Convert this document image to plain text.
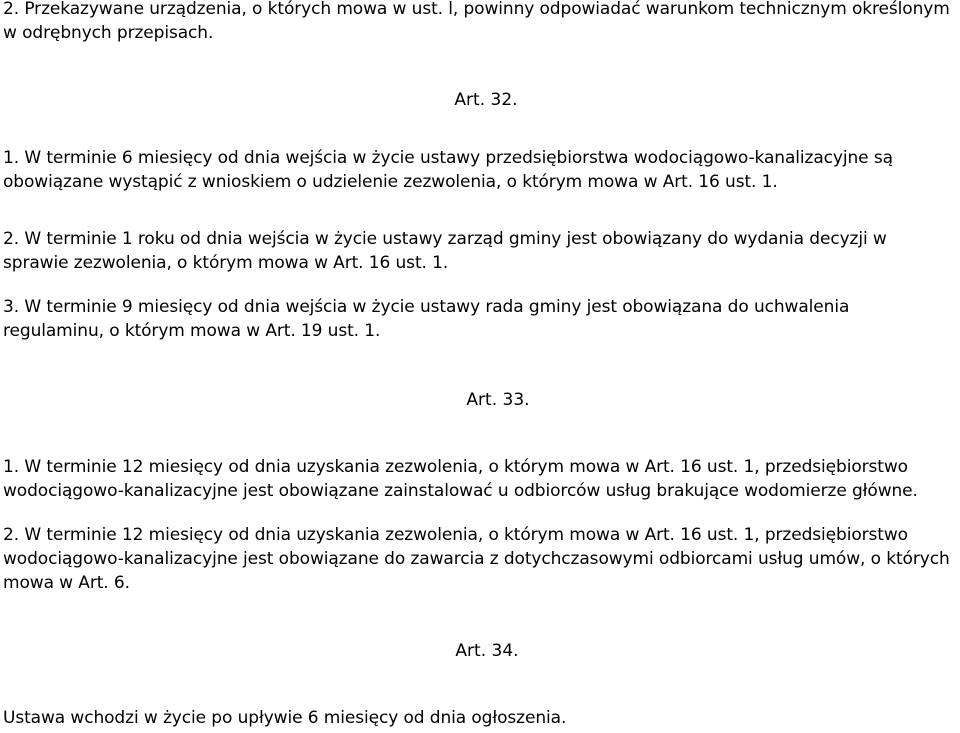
2. Przekazywane urządzenia, o których mowa w ust. l, powinny odpowiadać warunkom technicznym określonym w odrębnych przepisach.

Art. 32.

1. W terminie 6 miesięcy od dnia wejścia w życie ustawy przedsiębiorstwa wodociągowo-kanalizacyjne są obowiązane wystąpić z wnioskiem o udzielenie zezwolenia, o którym mowa w Art. 16 ust. 1.

2. W terminie 1 roku od dnia wejścia w życie ustawy zarząd gminy jest obowiązany do wydania decyzji w sprawie zezwolenia, o którym mowa w Art. 16 ust. 1.

3. W terminie 9 miesięcy od dnia wejścia w życie ustawy rada gminy jest obowiązana do uchwalenia regulaminu, o którym mowa w Art. 19 ust. 1.

Art. 33.

1. W terminie 12 miesięcy od dnia uzyskania zezwolenia, o którym mowa w Art. 16 ust. 1, przedsiębiorstwo wodociągowo-kanalizacyjne jest obowiązane zainstalować u odbiorców usług brakujące wodomierze główne.

2. W terminie 12 miesięcy od dnia uzyskania zezwolenia, o którym mowa w Art. 16 ust. 1, przedsiębiorstwo wodociągowo-kanalizacyjne jest obowiązane do zawarcia z dotychczasowymi odbiorcami usług umów, o których mowa w Art. 6.

Art. 34.

Ustawa wchodzi w życie po upływie 6 miesięcy od dnia ogłoszenia.
